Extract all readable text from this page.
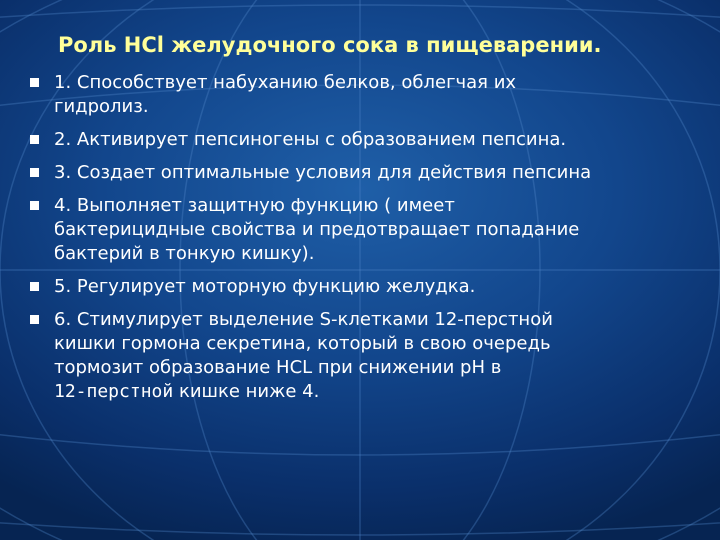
Роль HCl желудочного сока в пищеварении.
1. Способствует набуханию белков, облегчая их
гидролиз.
2. Активирует пепсиногены с образованием пепсина.
3. Создает оптимальные условия для действия пепсина
4. Выполняет защитную функцию ( имеет
бактерицидные свойства и предотвращает попадание
бактерий в тонкую кишку).
5. Регулирует моторную функцию желудка.
6. Стимулирует выделение S-клетками 12-перстной
кишки гормона секретина, который в свою очередь
тормозит образование HCL при снижении pH в
12-перстной кишке ниже 4.
